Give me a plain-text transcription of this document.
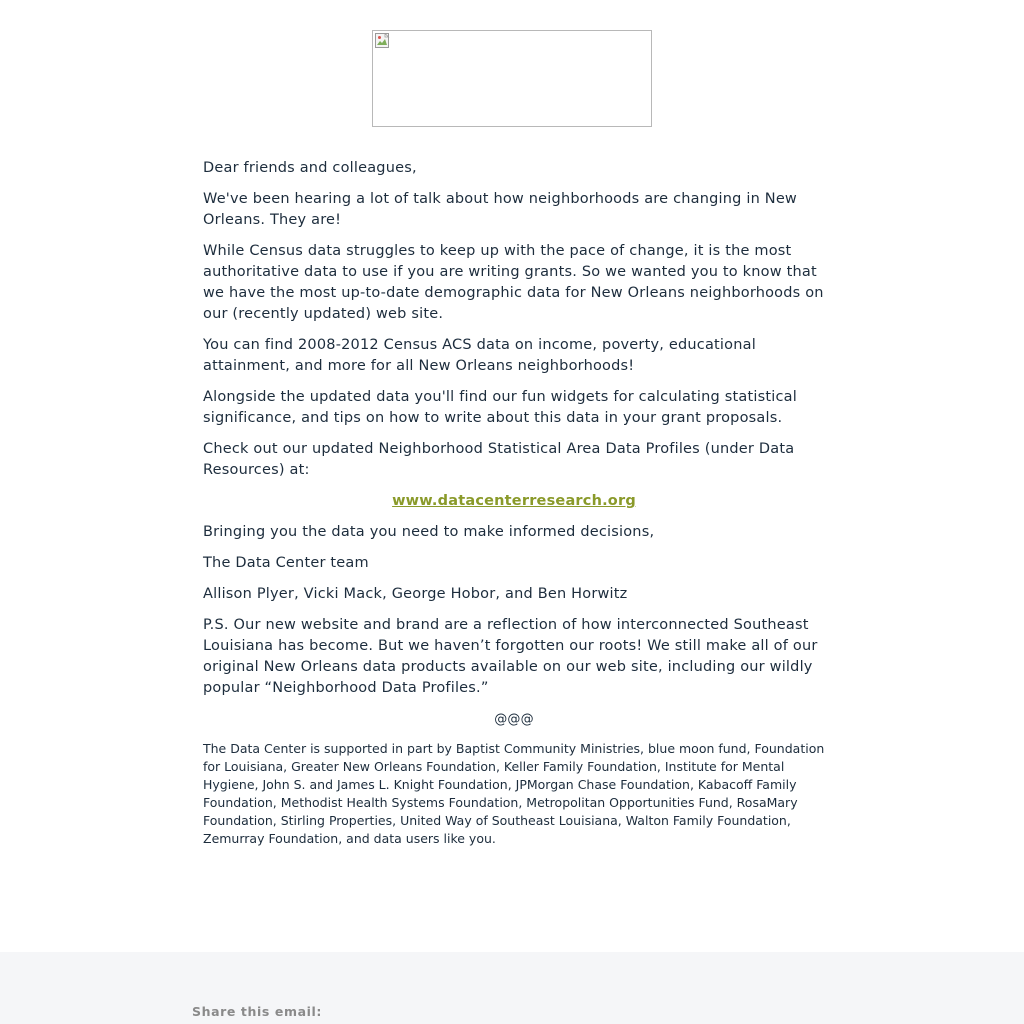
Dear friends and colleagues,

We've been hearing a lot of talk about how neighborhoods are changing in New Orleans. They are!

While Census data struggles to keep up with the pace of change, it is the most authoritative data to use if you are writing grants. So we wanted you to know that we have the most up-to-date demographic data for New Orleans neighborhoods on our (recently updated) web site.

You can find 2008-2012 Census ACS data on income, poverty, educational attainment, and more for all New Orleans neighborhoods!

Alongside the updated data you'll find our fun widgets for calculating statistical significance, and tips on how to write about this data in your grant proposals.

Check out our updated Neighborhood Statistical Area Data Profiles (under Data Resources) at:

www.datacenterresearch.org

Bringing you the data you need to make informed decisions,

The Data Center team

Allison Plyer, Vicki Mack, George Hobor, and Ben Horwitz

P.S. Our new website and brand are a reflection of how interconnected Southeast Louisiana has become. But we haven’t forgotten our roots! We still make all of our original New Orleans data products available on our web site, including our wildly popular “Neighborhood Data Profiles.”

@@@

The Data Center is supported in part by Baptist Community Ministries, blue moon fund, Foundation for Louisiana, Greater New Orleans Foundation, Keller Family Foundation, Institute for Mental Hygiene, John S. and James L. Knight Foundation, JPMorgan Chase Foundation, Kabacoff Family Foundation, Methodist Health Systems Foundation, Metropolitan Opportunities Fund, RosaMary Foundation, Stirling Properties, United Way of Southeast Louisiana, Walton Family Foundation, Zemurray Foundation, and data users like you.

Share this email:
